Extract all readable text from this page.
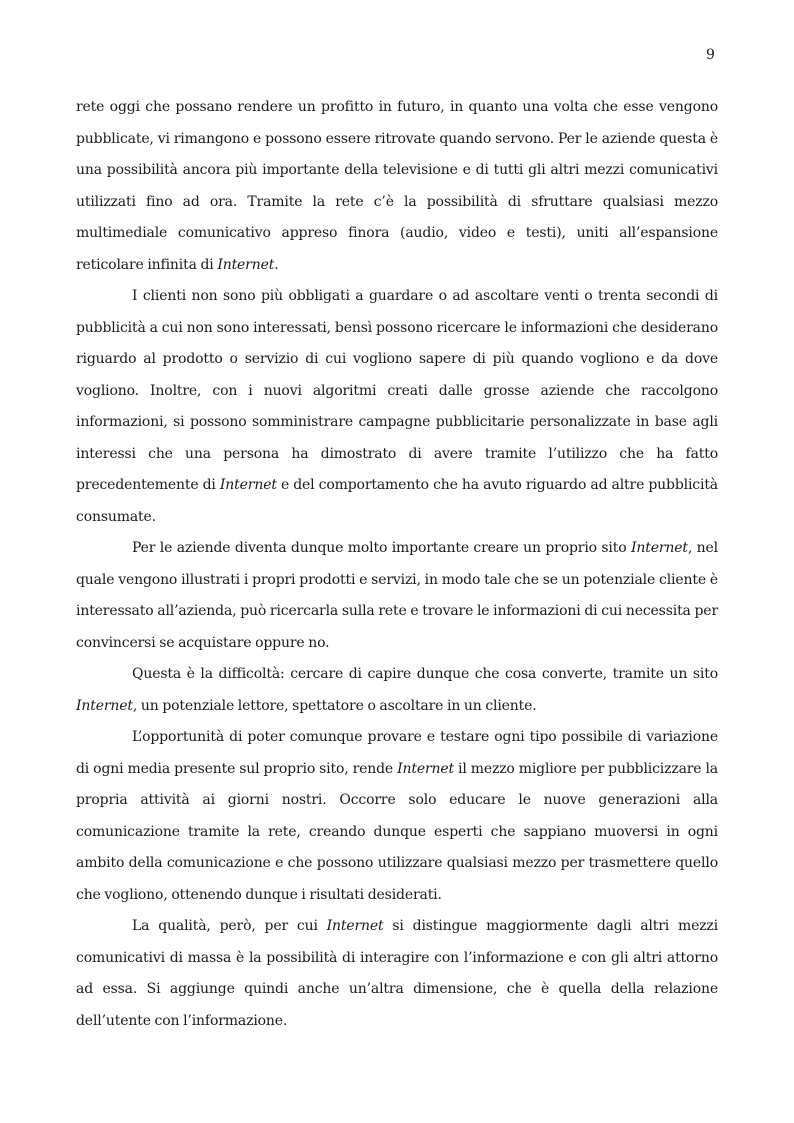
9

rete oggi che possano rendere un profitto in futuro, in quanto una volta che esse vengono pubblicate, vi rimangono e possono essere ritrovate quando servono. Per le aziende questa è una possibilità ancora più importante della televisione e di tutti gli altri mezzi comunicativi utilizzati fino ad ora. Tramite la rete c’è la possibilità di sfruttare qualsiasi mezzo multimediale comunicativo appreso finora (audio, video e testi), uniti all’espansione reticolare infinita di Internet.

I clienti non sono più obbligati a guardare o ad ascoltare venti o trenta secondi di pubblicità a cui non sono interessati, bensì possono ricercare le informazioni che desiderano riguardo al prodotto o servizio di cui vogliono sapere di più quando vogliono e da dove vogliono. Inoltre, con i nuovi algoritmi creati dalle grosse aziende che raccolgono informazioni, si possono somministrare campagne pubblicitarie personalizzate in base agli interessi che una persona ha dimostrato di avere tramite l’utilizzo che ha fatto precedentemente di Internet e del comportamento che ha avuto riguardo ad altre pubblicità consumate.

Per le aziende diventa dunque molto importante creare un proprio sito Internet, nel quale vengono illustrati i propri prodotti e servizi, in modo tale che se un potenziale cliente è interessato all’azienda, può ricercarla sulla rete e trovare le informazioni di cui necessita per convincersi se acquistare oppure no.

Questa è la difficoltà: cercare di capire dunque che cosa converte, tramite un sito Internet, un potenziale lettore, spettatore o ascoltare in un cliente.

L’opportunità di poter comunque provare e testare ogni tipo possibile di variazione di ogni media presente sul proprio sito, rende Internet il mezzo migliore per pubblicizzare la propria attività ai giorni nostri. Occorre solo educare le nuove generazioni alla comunicazione tramite la rete, creando dunque esperti che sappiano muoversi in ogni ambito della comunicazione e che possono utilizzare qualsiasi mezzo per trasmettere quello che vogliono, ottenendo dunque i risultati desiderati.

La qualità, però, per cui Internet si distingue maggiormente dagli altri mezzi comunicativi di massa è la possibilità di interagire con l’informazione e con gli altri attorno ad essa. Si aggiunge quindi anche un’altra dimensione, che è quella della relazione dell’utente con l’informazione.
